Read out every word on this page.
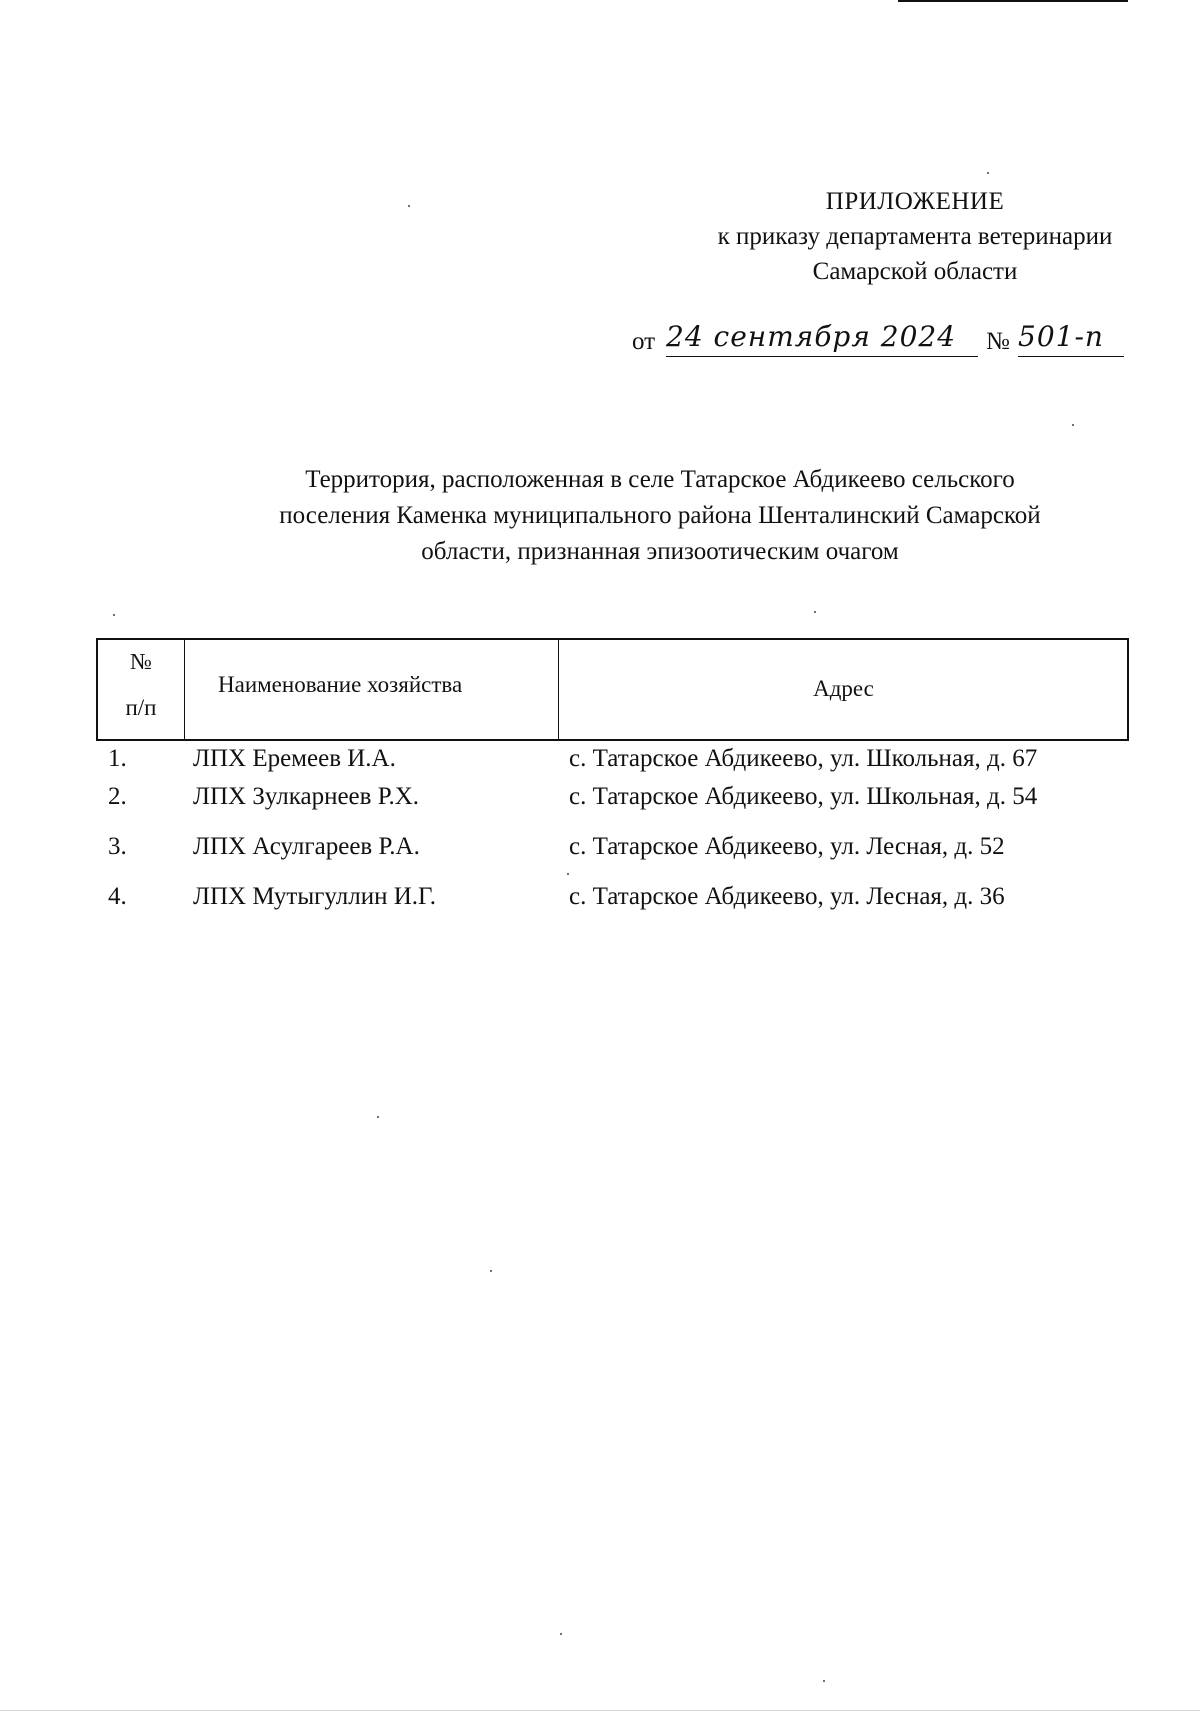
ПРИЛОЖЕНИЕ
к приказу департамента ветеринарии
Самарской области
от 24 сентября 2024	№ 501-п
Территория, расположенная в селе Татарское Абдикеево сельского
поселения Каменка муниципального района Шенталинский Самарской
области, признанная эпизоотическим очагом
№
п/п
Наименование хозяйства	Адрес
1.	ЛПХ Еремеев И.А.	с. Татарское Абдикеево, ул. Школьная, д. 67
2.	ЛПХ Зулкарнеев Р.Х.	с. Татарское Абдикеево, ул. Школьная, д. 54
3.	ЛПХ Асулгареев Р.А.	с. Татарское Абдикеево, ул. Лесная, д. 52
4.	ЛПХ Мутыгуллин И.Г.	с. Татарское Абдикеево, ул. Лесная, д. 36
